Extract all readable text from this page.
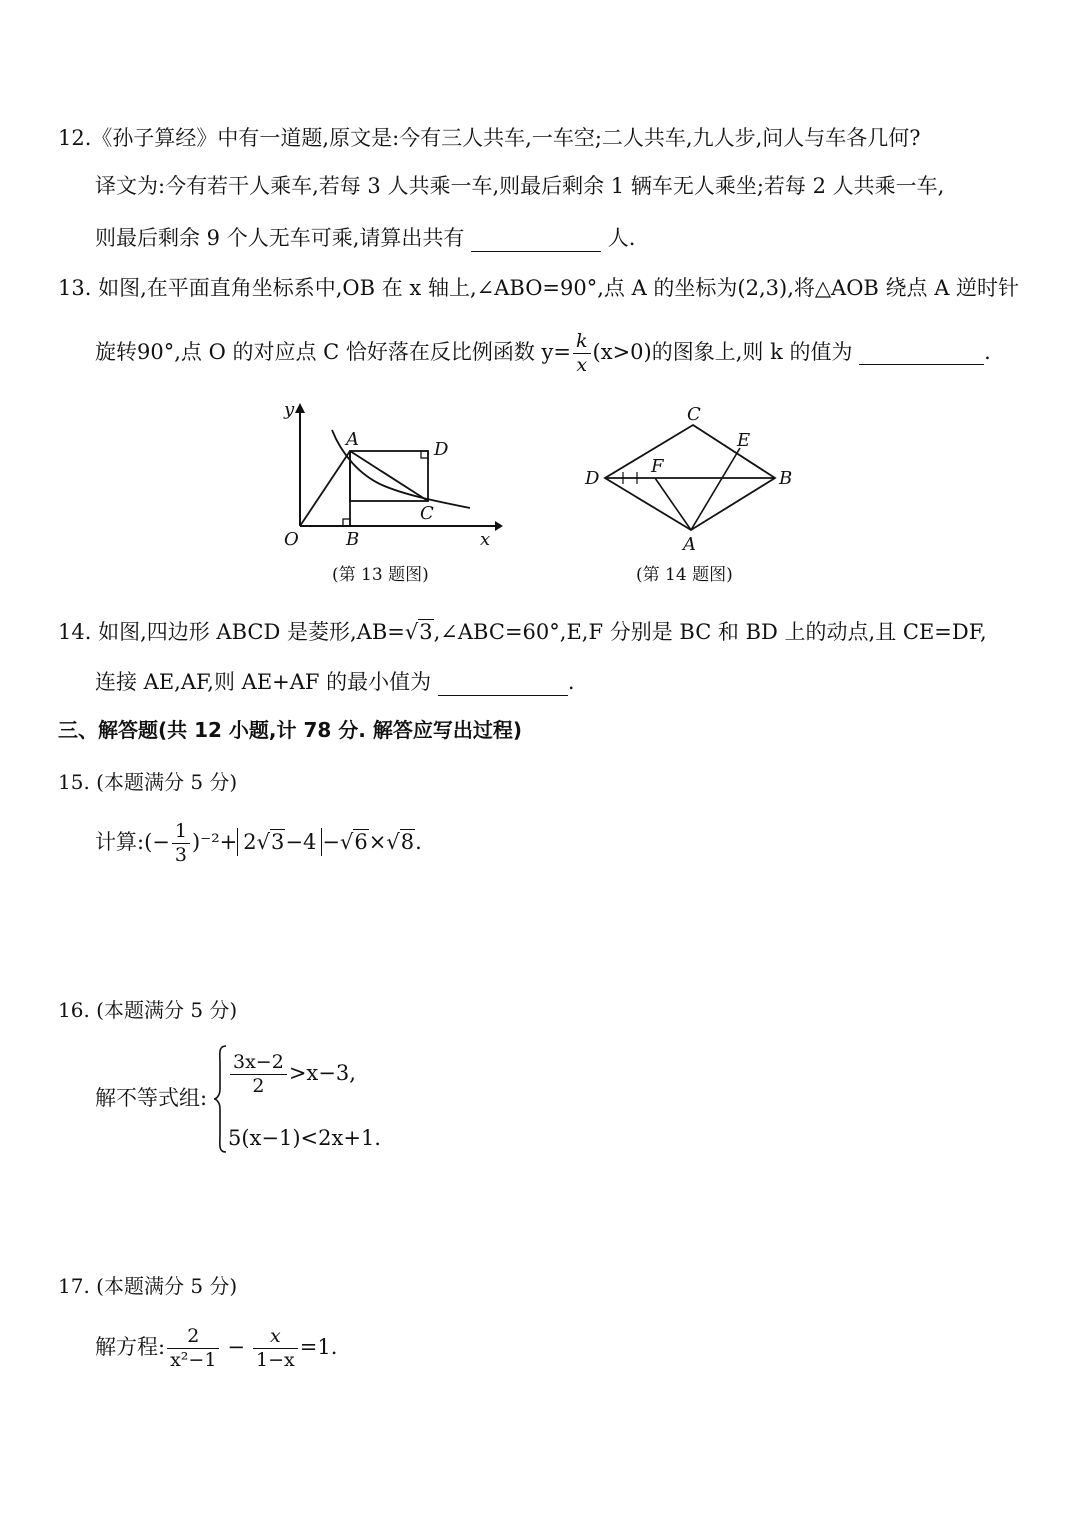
12.《孙子算经》中有一道题,原文是:今有三人共车,一车空;二人共车,九人步,问人与车各几何?
译文为:今有若干人乘车,若每 3 人共乘一车,则最后剩余 1 辆车无人乘坐;若每 2 人共乘一车,
则最后剩余 9 个人无车可乘,请算出共有	人.
13. 如图,在平面直角坐标系中,OB 在 x 轴上,∠ABO=90°,点 A 的坐标为(2,3),将△AOB 绕点 A 逆时针
旋转90°,点 O 的对应点 C 恰好落在反比例函数 $y= \frac{k}{x} (x>0)$的图象上,则 k 的值为	.
y
x
O
A
B
C
D
(第 13 题图)
C
E
F
D	B
A
(第 14 题图)
14. 如图,四边形 ABCD 是菱形,AB=√3,∠ABC=60°,E,F 分别是 BC 和 BD 上的动点,且 CE=DF,
连接 AE,AF,则 AE+AF 的最小值为	.
三、解答题(共 12 小题,计 78 分. 解答应写出过程)
15. (本题满分 5 分)
计算:(− $\frac{1}{3} )^{-2}+ 2√3-4 -√6\times√8$.
16. (本题满分 5 分)
解不等式组:
$\frac{3x-2}{2} >x-3$,
5(x−1)<2x+1.
17. (本题满分 5 分)
解方程: $\frac{2}{\text{x²−1}} - \frac{x}{1-x} =1$.
